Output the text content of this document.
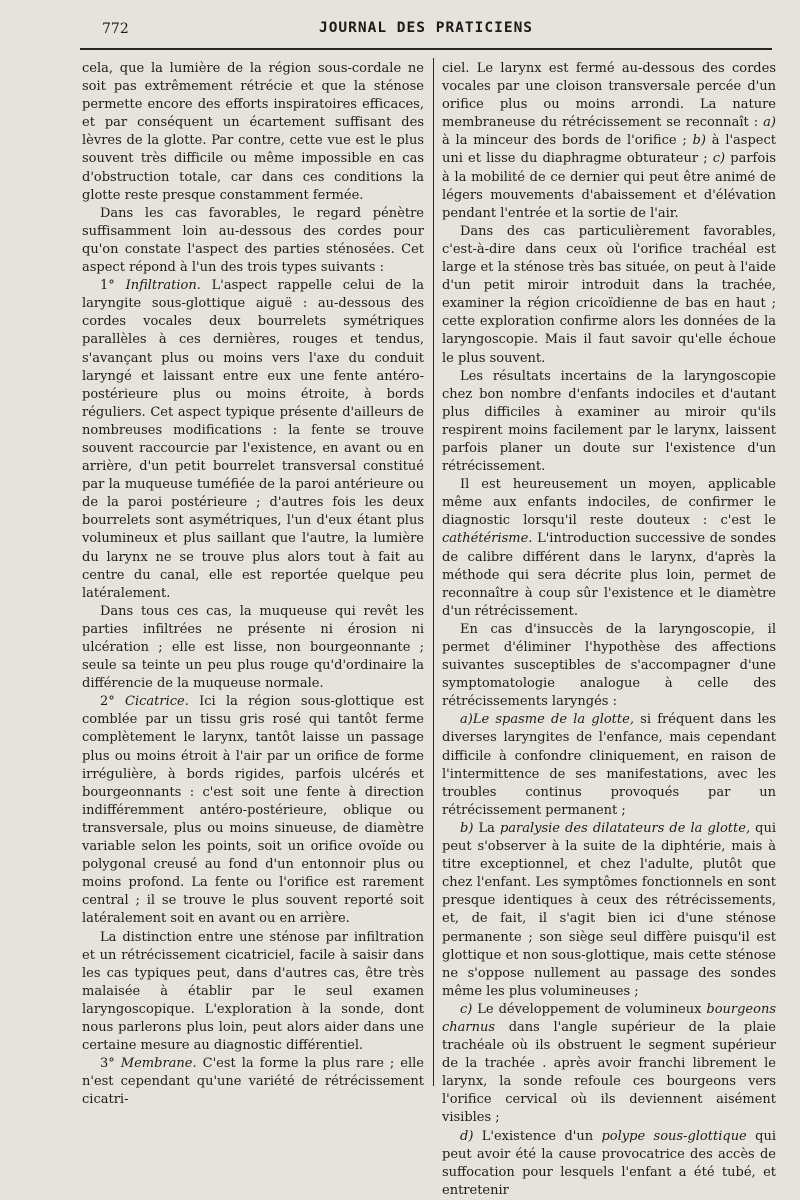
772	JOURNAL DES PRATICIENS

cela, que la lumière de la région sous-cordale ne soit pas extrêmement rétrécie et que la sténose permette encore des efforts inspiratoires efficaces, et par conséquent un écartement suffisant des lèvres de la glotte. Par contre, cette vue est le plus souvent très difficile ou même impossible en cas d'obstruction totale, car dans ces conditions la glotte reste presque constamment fermée.

Dans les cas favorables, le regard pénètre suffisamment loin au-dessous des cordes pour qu'on constate l'aspect des parties sténosées. Cet aspect répond à l'un des trois types suivants :

1° Infiltration. L'aspect rappelle celui de la laryngite sous-glottique aiguë : au-dessous des cordes vocales deux bourrelets symétriques parallèles à ces dernières, rouges et tendus, s'avançant plus ou moins vers l'axe du conduit laryngé et laissant entre eux une fente antéro-postérieure plus ou moins étroite, à bords réguliers. Cet aspect typique présente d'ailleurs de nombreuses modifications : la fente se trouve souvent raccourcie par l'existence, en avant ou en arrière, d'un petit bourrelet transversal constitué par la muqueuse tuméfiée de la paroi antérieure ou de la paroi postérieure ; d'autres fois les deux bourrelets sont asymétriques, l'un d'eux étant plus volumineux et plus saillant que l'autre, la lumière du larynx ne se trouve plus alors tout à fait au centre du canal, elle est reportée quelque peu latéralement.

Dans tous ces cas, la muqueuse qui revêt les parties infiltrées ne présente ni érosion ni ulcération ; elle est lisse, non bourgeonnante ; seule sa teinte un peu plus rouge qu'd'ordinaire la différencie de la muqueuse normale.

2° Cicatrice. Ici la région sous-glottique est comblée par un tissu gris rosé qui tantôt ferme complètement le larynx, tantôt laisse un passage plus ou moins étroit à l'air par un orifice de forme irrégulière, à bords rigides, parfois ulcérés et bourgeonnants : c'est soit une fente à direction indifféremment antéro-postérieure, oblique ou transversale, plus ou moins sinueuse, de diamètre variable selon les points, soit un orifice ovoïde ou polygonal creusé au fond d'un entonnoir plus ou moins profond. La fente ou l'orifice est rarement central ; il se trouve le plus souvent reporté soit latéralement soit en avant ou en arrière.

La distinction entre une sténose par infiltration et un rétrécissement cicatriciel, facile à saisir dans les cas typiques peut, dans d'autres cas, être très malaisée à établir par le seul examen laryngoscopique. L'exploration à la sonde, dont nous parlerons plus loin, peut alors aider dans une certaine mesure au diagnostic différentiel.

3° Membrane. C'est la forme la plus rare ; elle n'est cependant qu'une variété de rétrécissement cicatri-

ciel. Le larynx est fermé au-dessous des cordes vocales par une cloison transversale percée d'un orifice plus ou moins arrondi. La nature membraneuse du rétrécissement se reconnaît : a) à la minceur des bords de l'orifice ; b) à l'aspect uni et lisse du diaphragme obturateur ; c) parfois à la mobilité de ce dernier qui peut être animé de légers mouvements d'abaissement et d'élévation pendant l'entrée et la sortie de l'air.

Dans des cas particulièrement favorables, c'est-à-dire dans ceux où l'orifice trachéal est large et la sténose très bas située, on peut à l'aide d'un petit miroir introduit dans la trachée, examiner la région cricoïdienne de bas en haut ; cette exploration confirme alors les données de la laryngoscopie. Mais il faut savoir qu'elle échoue le plus souvent.

Les résultats incertains de la laryngoscopie chez bon nombre d'enfants indociles et d'autant plus difficiles à examiner au miroir qu'ils respirent moins facilement par le larynx, laissent parfois planer un doute sur l'existence d'un rétrécissement.

Il est heureusement un moyen, applicable même aux enfants indociles, de confirmer le diagnostic lorsqu'il reste douteux : c'est le cathétérisme. L'introduction successive de sondes de calibre différent dans le larynx, d'après la méthode qui sera décrite plus loin, permet de reconnaître à coup sûr l'existence et le diamètre d'un rétrécissement.

En cas d'insuccès de la laryngoscopie, il permet d'éliminer l'hypothèse des affections suivantes susceptibles de s'accompagner d'une symptomatologie analogue à celle des rétrécissements laryngés :

a)Le spasme de la glotte, si fréquent dans les diverses laryngites de l'enfance, mais cependant difficile à confondre cliniquement, en raison de l'intermittence de ses manifestations, avec les troubles continus provoqués par un rétrécissement permanent ;

b) La paralysie des dilatateurs de la glotte, qui peut s'observer à la suite de la diphtérie, mais à titre exceptionnel, et chez l'adulte, plutôt que chez l'enfant. Les symptômes fonctionnels en sont presque identiques à ceux des rétrécissements, et, de fait, il s'agit bien ici d'une sténose permanente ; son siège seul diffère puisqu'il est glottique et non sous-glottique, mais cette sténose ne s'oppose nullement au passage des sondes même les plus volumineuses ;

c) Le développement de volumineux bourgeons charnus dans l'angle supérieur de la plaie trachéale où ils obstruent le segment supérieur de la trachée . après avoir franchi librement le larynx, la sonde refoule ces bourgeons vers l'orifice cervical où ils deviennent aisément visibles ;

d) L'existence d'un polype sous-glottique qui peut avoir été la cause provocatrice des accès de suffocation pour lesquels l'enfant a été tubé, et entretenir
